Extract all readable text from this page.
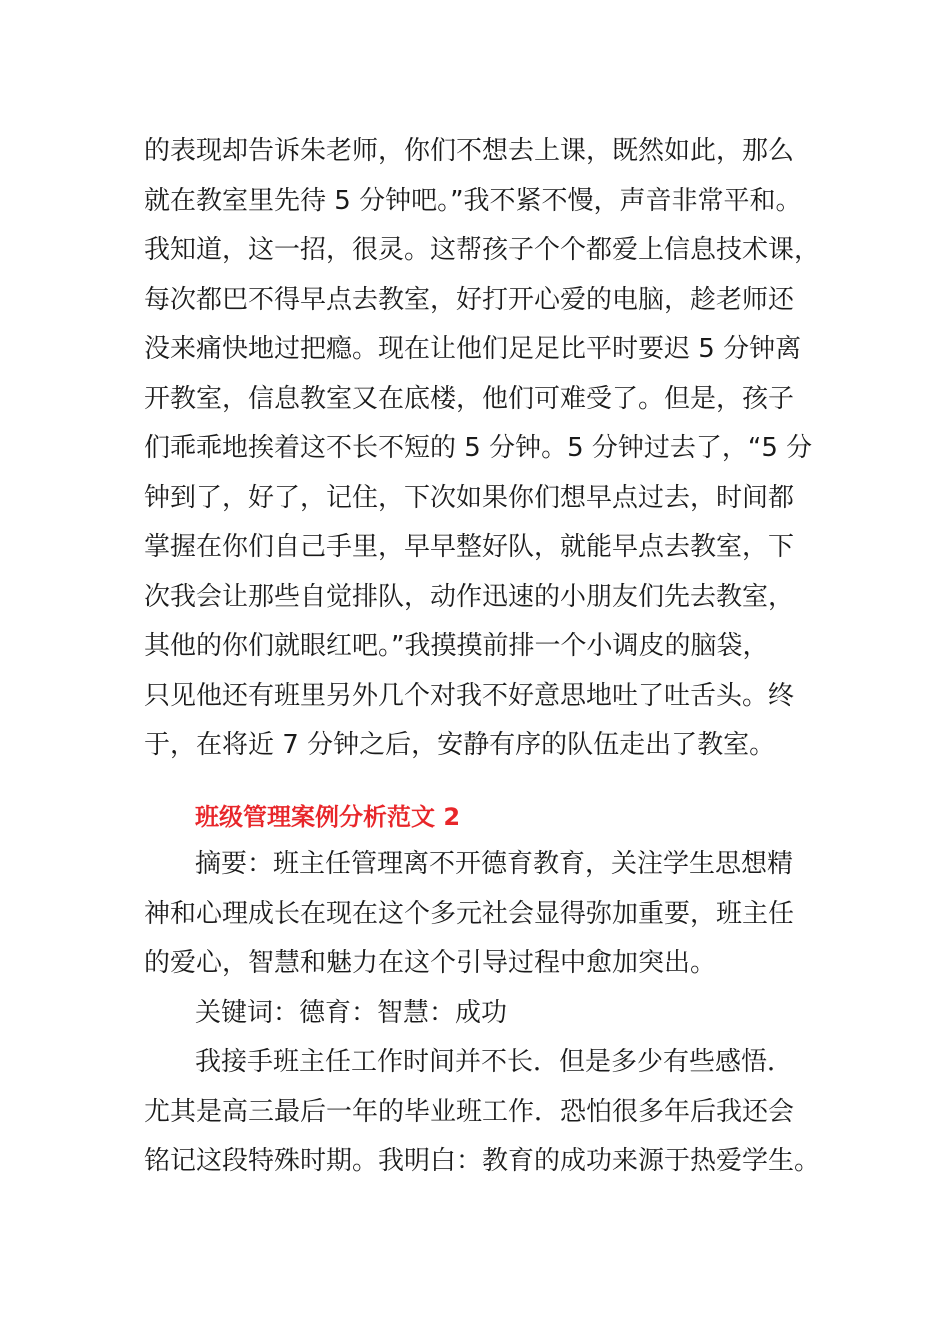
的表现却告诉朱老师，你们不想去上课，既然如此，那么
就在教室里先待 5 分钟吧。”我不紧不慢，声音非常平和。
我知道，这一招，很灵。这帮孩子个个都爱上信息技术课，
每次都巴不得早点去教室，好打开心爱的电脑，趁老师还
没来痛快地过把瘾。现在让他们足足比平时要迟 5 分钟离
开教室，信息教室又在底楼，他们可难受了。但是，孩子
们乖乖地挨着这不长不短的 5 分钟。5 分钟过去了，“5 分
钟到了，好了，记住，下次如果你们想早点过去，时间都
掌握在你们自己手里，早早整好队，就能早点去教室，下
次我会让那些自觉排队，动作迅速的小朋友们先去教室，
其他的你们就眼红吧。”我摸摸前排一个小调皮的脑袋，
只见他还有班里另外几个对我不好意思地吐了吐舌头。终
于，在将近 7 分钟之后，安静有序的队伍走出了教室。
班级管理案例分析范文 2
摘要：班主任管理离不开德育教育，关注学生思想精
神和心理成长在现在这个多元社会显得弥加重要，班主任
的爱心，智慧和魅力在这个引导过程中愈加突出。
关键词：德育：智慧：成功
我接手班主任工作时间并不长．但是多少有些感悟．
尤其是高三最后一年的毕业班工作．恐怕很多年后我还会
铭记这段特殊时期。我明白：教育的成功来源于热爱学生。
